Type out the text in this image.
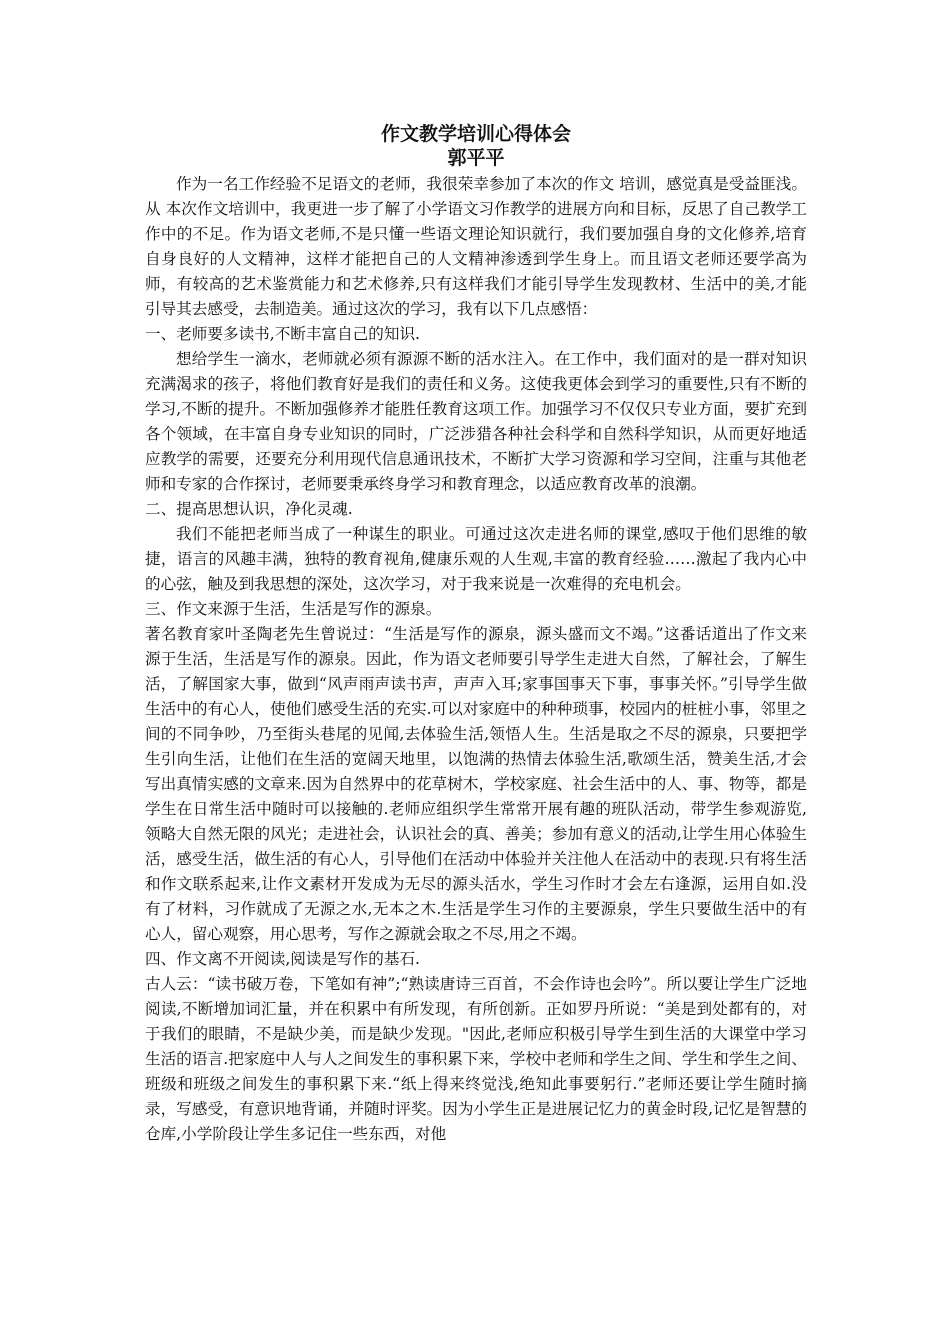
作文教学培训心得体会
郭平平

作为一名工作经验不足语文的老师，我很荣幸参加了本次的作文 培训，感觉真是受益匪浅。从 本次作文培训中，我更进一步了解了小学语文习作教学的进展方向和目标，反思了自己教学工作中的不足。作为语文老师,不是只懂一些语文理论知识就行，我们要加强自身的文化修养,培育自身良好的人文精神，这样才能把自己的人文精神渗透到学生身上。而且语文老师还要学高为师，有较高的艺术鉴赏能力和艺术修养,只有这样我们才能引导学生发现教材、生活中的美,才能引导其去感受，去制造美。通过这次的学习，我有以下几点感悟：

一、老师要多读书,不断丰富自己的知识.

想给学生一滴水，老师就必须有源源不断的活水注入。在工作中，我们面对的是一群对知识充满渴求的孩子，将他们教育好是我们的责任和义务。这使我更体会到学习的重要性,只有不断的学习,不断的提升。不断加强修养才能胜任教育这项工作。加强学习不仅仅只专业方面，要扩充到各个领域，在丰富自身专业知识的同时，广泛涉猎各种社会科学和自然科学知识，从而更好地适应教学的需要，还要充分利用现代信息通讯技术，不断扩大学习资源和学习空间，注重与其他老师和专家的合作探讨，老师要秉承终身学习和教育理念，以适应教育改革的浪潮。

二、提高思想认识，净化灵魂.

我们不能把老师当成了一种谋生的职业。可通过这次走进名师的课堂,感叹于他们思维的敏捷，语言的风趣丰满，独特的教育视角,健康乐观的人生观,丰富的教育经验……激起了我内心中的心弦，触及到我思想的深处，这次学习，对于我来说是一次难得的充电机会。

三、作文来源于生活，生活是写作的源泉。

著名教育家叶圣陶老先生曾说过：“生活是写作的源泉，源头盛而文不竭。”这番话道出了作文来源于生活，生活是写作的源泉。因此，作为语文老师要引导学生走进大自然，了解社会，了解生活，了解国家大事，做到“风声雨声读书声，声声入耳;家事国事天下事，事事关怀。”引导学生做生活中的有心人，使他们感受生活的充实.可以对家庭中的种种琐事，校园内的桩桩小事，邻里之间的不同争吵，乃至街头巷尾的见闻,去体验生活,领悟人生。生活是取之不尽的源泉，只要把学生引向生活，让他们在生活的宽阔天地里，以饱满的热情去体验生活,歌颂生活，赞美生活,才会写出真情实感的文章来.因为自然界中的花草树木，学校家庭、社会生活中的人、事、物等，都是学生在日常生活中随时可以接触的.老师应组织学生常常开展有趣的班队活动，带学生参观游览,领略大自然无限的风光；走进社会，认识社会的真、善美；参加有意义的活动,让学生用心体验生活，感受生活，做生活的有心人，引导他们在活动中体验并关注他人在活动中的表现.只有将生活和作文联系起来,让作文素材开发成为无尽的源头活水，学生习作时才会左右逢源，运用自如.没有了材料，习作就成了无源之水,无本之木.生活是学生习作的主要源泉，学生只要做生活中的有心人，留心观察，用心思考，写作之源就会取之不尽,用之不竭。

四、作文离不开阅读,阅读是写作的基石.

古人云：“读书破万卷，下笔如有神”;“熟读唐诗三百首，不会作诗也会吟”。所以要让学生广泛地阅读,不断增加词汇量，并在积累中有所发现，有所创新。正如罗丹所说：“美是到处都有的，对于我们的眼睛，不是缺少美，而是缺少发现。"因此,老师应积极引导学生到生活的大课堂中学习生活的语言.把家庭中人与人之间发生的事积累下来，学校中老师和学生之间、学生和学生之间、班级和班级之间发生的事积累下来.“纸上得来终觉浅,绝知此事要躬行.”老师还要让学生随时摘录，写感受，有意识地背诵，并随时评奖。因为小学生正是进展记忆力的黄金时段,记忆是智慧的仓库,小学阶段让学生多记住一些东西，对他
